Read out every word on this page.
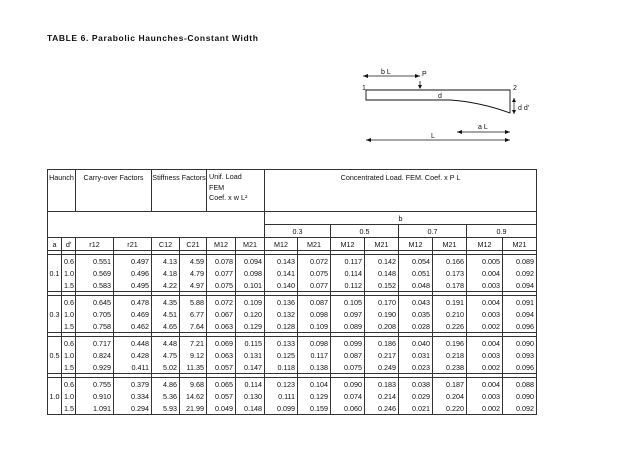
TABLE 6. Parabolic Haunches-Constant Width
b L	P
1	2
d
d d'
a L
L
Haunch		Carry-over Factors		Stiffness Factors		Unif. Load
FEM
Coef. x w L²		Concentrated Load. FEM. Coef. x P L							
								b							
								0.3		0.5		0.7		0.9	
a	d'	r12	r21	C12	C21	M12	M21	M12	M21	M12	M21	M12	M21	M12	M21

	0.6	0.551	0.497	4.13	4.59	0.078	0.094	0.143	0.072	0.117	0.142	0.054	0.166	0.005	0.089
0.1	1.0	0.569	0.496	4.18	4.79	0.077	0.098	0.141	0.075	0.114	0.148	0.051	0.173	0.004	0.092
	1.5	0.583	0.495	4.22	4.97	0.075	0.101	0.140	0.077	0.112	0.152	0.048	0.178	0.003	0.094

	0.6	0.645	0.478	4.35	5.88	0.072	0.109	0.136	0.087	0.105	0.170	0.043	0.191	0.004	0.091
0.3	1.0	0.705	0.469	4.51	6.77	0.067	0.120	0.132	0.098	0.097	0.190	0.035	0.210	0.003	0.094
	1.5	0.758	0.462	4.65	7.64	0.063	0.129	0.128	0.109	0.089	0.208	0.028	0.226	0.002	0.096

	0.6	0.717	0.448	4.48	7.21	0.069	0.115	0.133	0.098	0.099	0.186	0.040	0.196	0.004	0.090
0.5	1.0	0.824	0.428	4.75	9.12	0.063	0.131	0.125	0.117	0.087	0.217	0.031	0.218	0.003	0.093
	1.5	0.929	0.411	5.02	11.35	0.057	0.147	0.118	0.138	0.075	0.249	0.023	0.238	0.002	0.096

	0.6	0.755	0.379	4.86	9.68	0.065	0.114	0.123	0.104	0.090	0.183	0.038	0.187	0.004	0.088
1.0	1.0	0.910	0.334	5.36	14.62	0.057	0.130	0.111	0.129	0.074	0.214	0.029	0.204	0.003	0.090
	1.5	1.091	0.294	5.93	21.99	0.049	0.148	0.099	0.159	0.060	0.246	0.021	0.220	0.002	0.092
